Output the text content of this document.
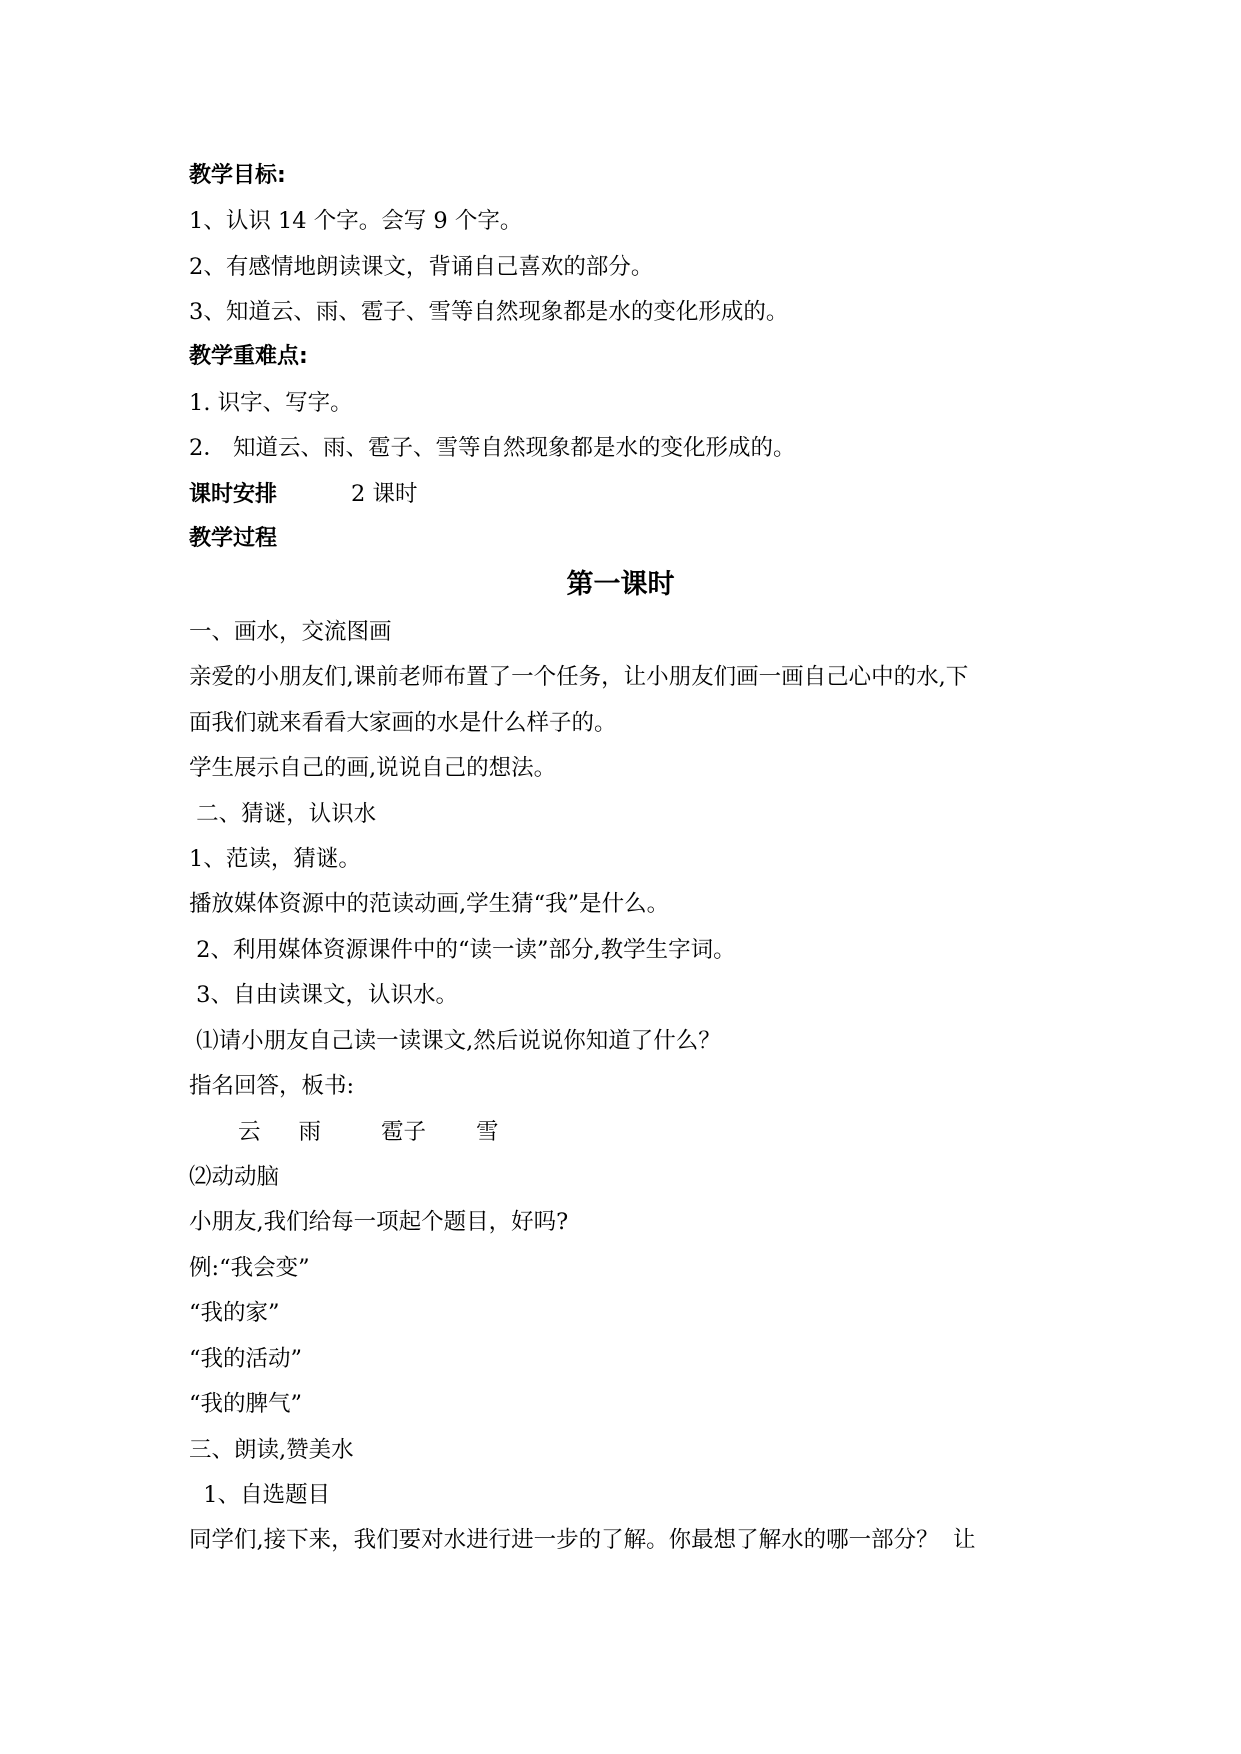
教学目标:
1、认识 14 个字。会写 9 个字。
2、有感情地朗读课文，背诵自己喜欢的部分。
3、知道云、雨、雹子、雪等自然现象都是水的变化形成的。
教学重难点:
1. 识字、写字。
2． 知道云、雨、雹子、雪等自然现象都是水的变化形成的。
课时安排	2 课时
教学过程
第一课时
一、画水，交流图画
亲爱的小朋友们,课前老师布置了一个任务，让小朋友们画一画自己心中的水,下
面我们就来看看大家画的水是什么样子的。
学生展示自己的画,说说自己的想法。
二、猜谜，认识水
1、范读，猜谜。
播放媒体资源中的范读动画,学生猜“我”是什么。
2、利用媒体资源课件中的“读一读”部分,教学生字词。
3、自由读课文，认识水。
⑴请小朋友自己读一读课文,然后说说你知道了什么？
指名回答，板书:
云 雨	雹子 雪
⑵动动脑
小朋友,我们给每一项起个题目，好吗?
例:“我会变”
“我的家”
“我的活动”
“我的脾气”
三、朗读,赞美水
1、自选题目
同学们,接下来，我们要对水进行进一步的了解。你最想了解水的哪一部分？  让
